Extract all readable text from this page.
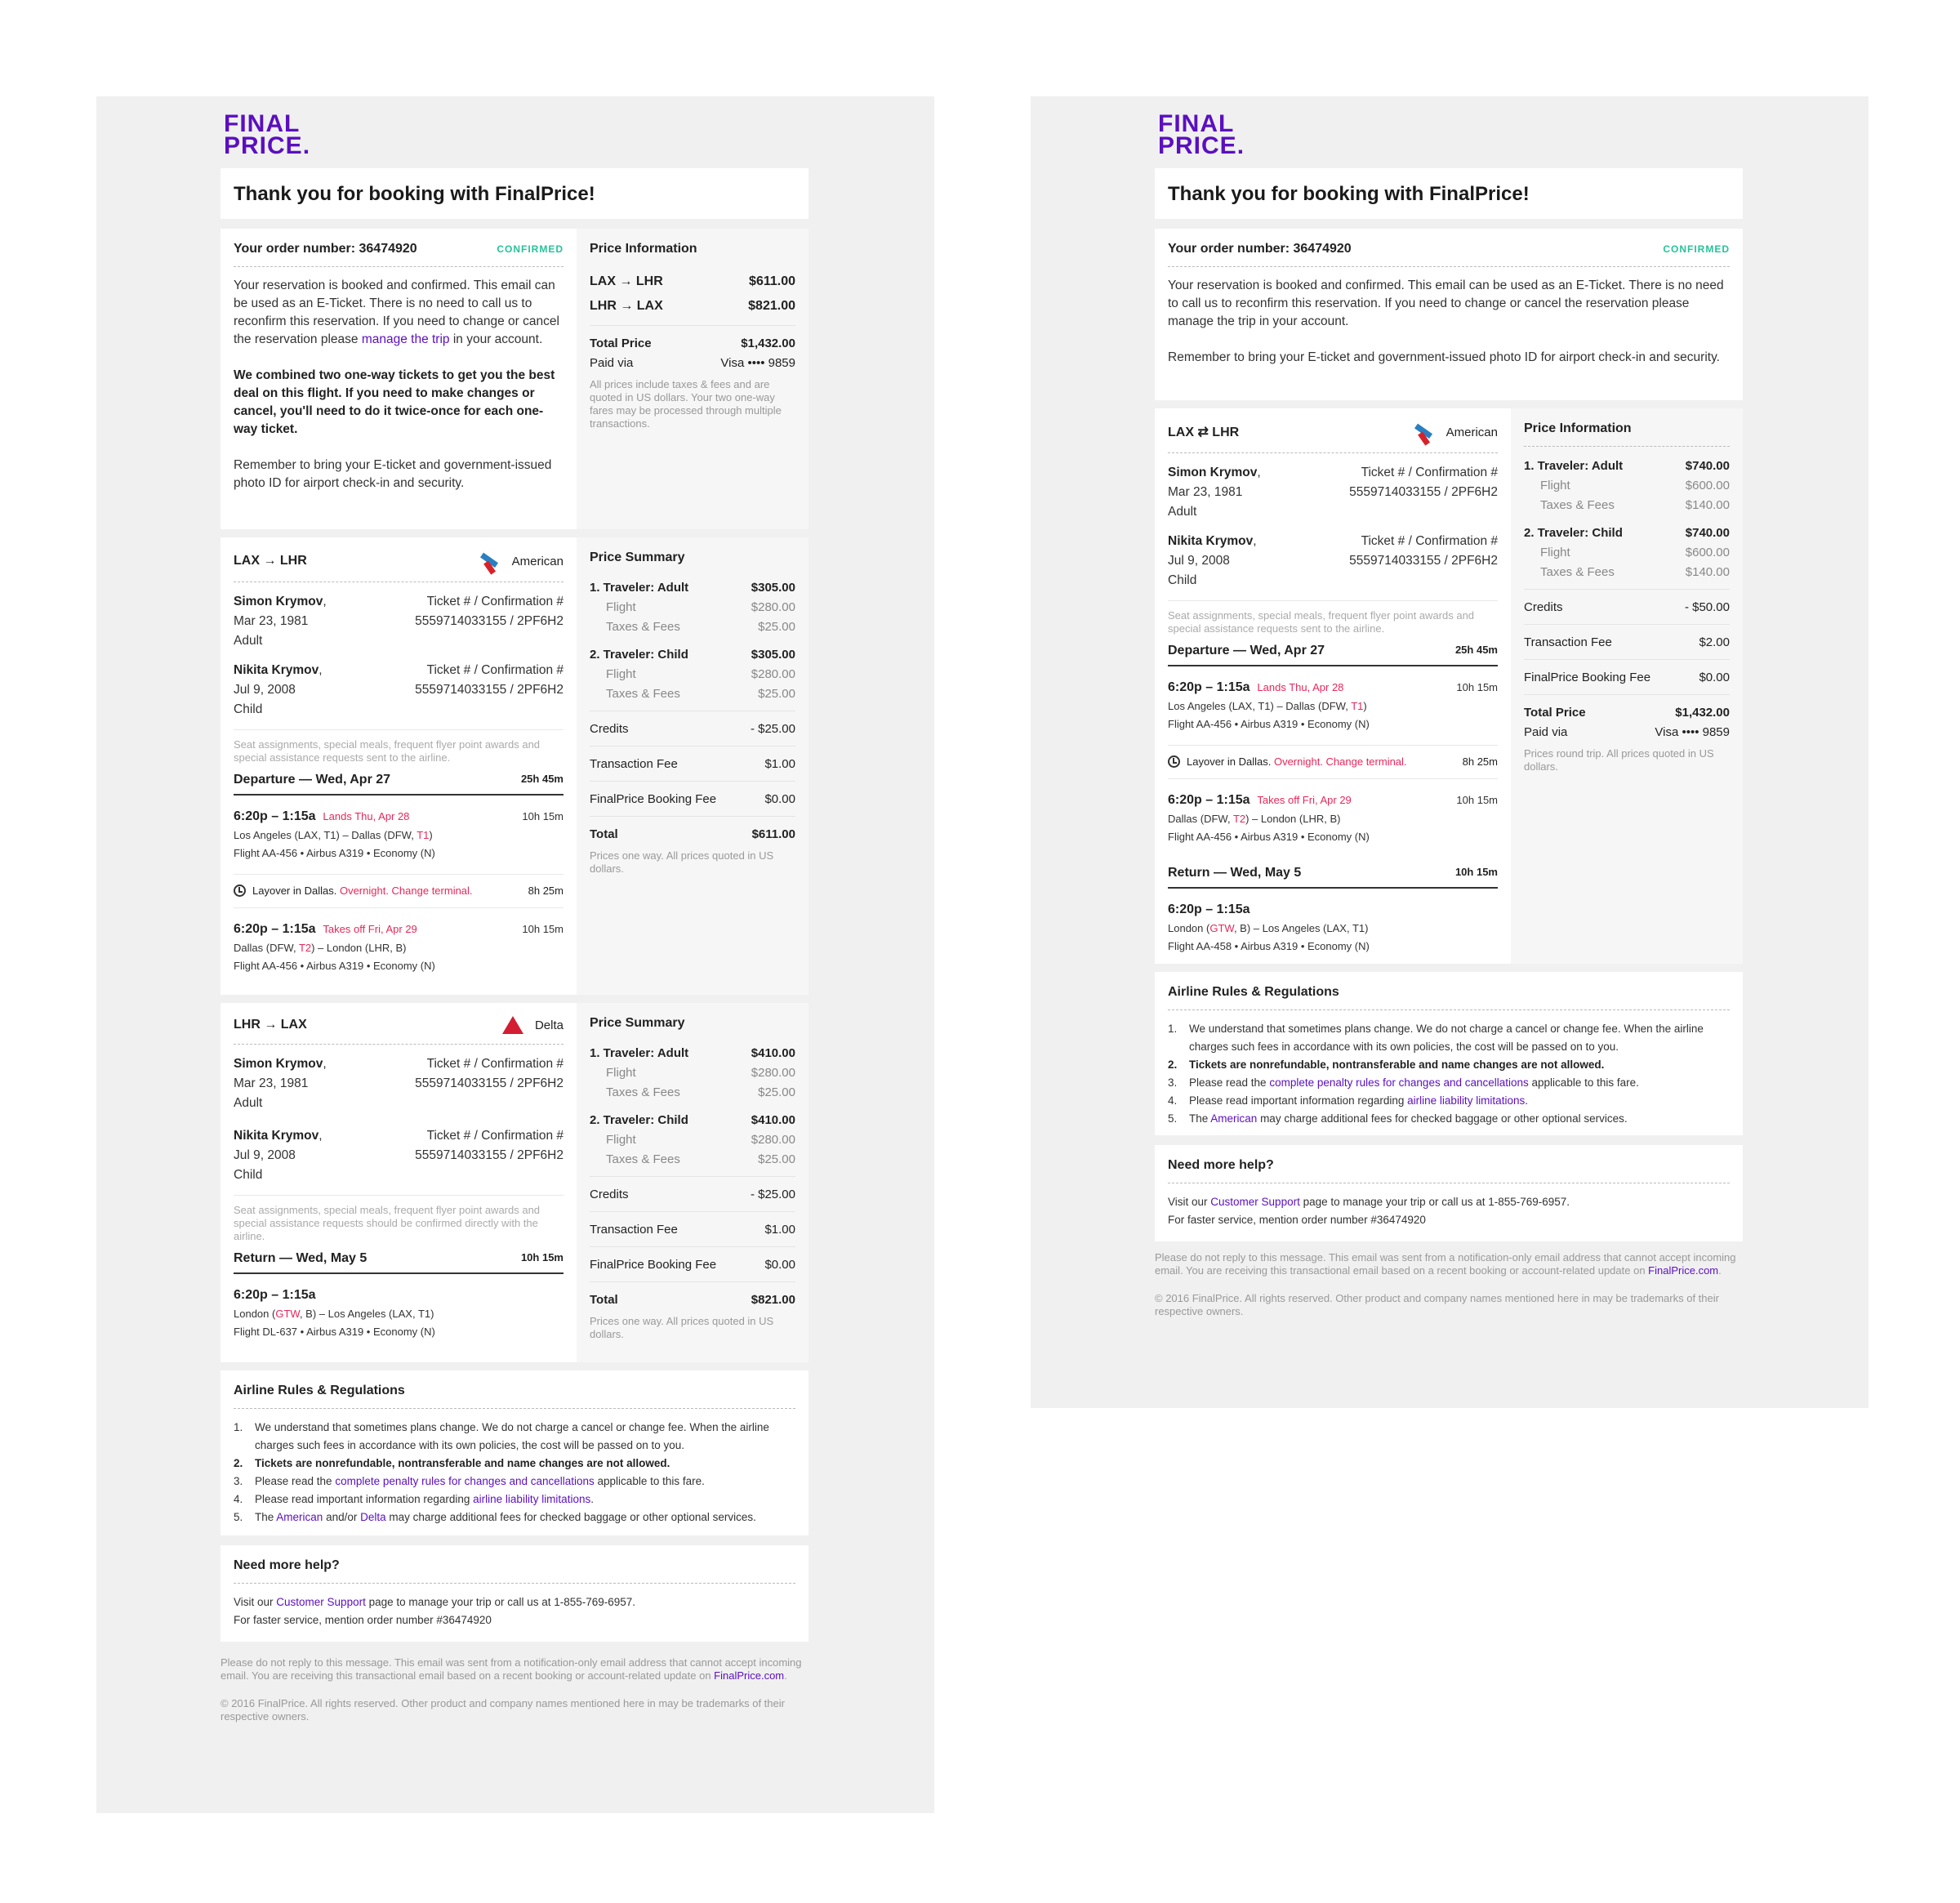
FINAL
PRICE.
Thank you for booking with FinalPrice!
Your order number: 36474920	CONFIRMED

Your reservation is booked and confirmed. This email can be used as an E-Ticket. There is no need to call us to reconfirm this reservation. If you need to change or cancel the reservation please manage the trip in your account.

We combined two one-way tickets to get you the best deal on this flight. If you need to make changes or cancel, you'll need to do it twice-once for each one-way ticket.

Remember to bring your E-ticket and government-issued photo ID for airport check-in and security.

Price Information
LAX → LHR	$611.00
LHR → LAX	$821.00
Total Price	$1,432.00
Paid via	Visa •••• 9859
All prices include taxes & fees and are quoted in US dollars. Your two one-way fares may be processed through multiple transactions.
LAX → LHR	American
Simon Krymov,
Mar 23, 1981
Adult
Ticket # / Confirmation #
5559714033155 / 2PF6H2
Nikita Krymov,
Jul 9, 2008
Child
Ticket # / Confirmation #
5559714033155 / 2PF6H2
Seat assignments, special meals, frequent flyer point awards and special assistance requests sent to the airline.
Departure — Wed, Apr 27	25h 45m
6:20p – 1:15a Lands Thu, Apr 28	10h 15m
Los Angeles (LAX, T1) – Dallas (DFW, T1)
Flight AA-456 • Airbus A319 • Economy (N)
Layover in Dallas. Overnight. Change terminal.	8h 25m
6:20p – 1:15a Takes off Fri, Apr 29	10h 15m
Dallas (DFW, T2) – London (LHR, B)
Flight AA-456 • Airbus A319 • Economy (N)
Price Summary
1. Traveler: Adult	$305.00
Flight	$280.00
Taxes & Fees	$25.00
2. Traveler: Child	$305.00
Flight	$280.00
Taxes & Fees	$25.00
Credits	- $25.00
Transaction Fee	$1.00
FinalPrice Booking Fee	$0.00
Total	$611.00
Prices one way. All prices quoted in US dollars.
LHR → LAX	Delta
Simon Krymov,
Mar 23, 1981
Adult
Ticket # / Confirmation #
5559714033155 / 2PF6H2
Nikita Krymov,
Jul 9, 2008
Child
Ticket # / Confirmation #
5559714033155 / 2PF6H2
Seat assignments, special meals, frequent flyer point awards and special assistance requests should be confirmed directly with the airline.
Return — Wed, May 5	10h 15m
6:20p – 1:15a
London (GTW, B) – Los Angeles (LAX, T1)
Flight DL-637 • Airbus A319 • Economy (N)
Price Summary
1. Traveler: Adult	$410.00
Flight	$280.00
Taxes & Fees	$25.00
2. Traveler: Child	$410.00
Flight	$280.00
Taxes & Fees	$25.00
Credits	- $25.00
Transaction Fee	$1.00
FinalPrice Booking Fee	$0.00
Total	$821.00
Prices one way. All prices quoted in US dollars.
Airline Rules & Regulations
1.	We understand that sometimes plans change. We do not charge a cancel or change fee. When the airline charges such fees in accordance with its own policies, the cost will be passed on to you.
2.	Tickets are nonrefundable, nontransferable and name changes are not allowed.
3.	Please read the complete penalty rules for changes and cancellations applicable to this fare.
4.	Please read important information regarding airline liability limitations.
5.	The American and/or Delta may charge additional fees for checked baggage or other optional services.
Need more help?
Visit our Customer Support page to manage your trip or call us at 1-855-769-6957.
For faster service, mention order number #36474920

Please do not reply to this message. This email was sent from a notification-only email address that cannot accept incoming email. You are receiving this transactional email based on a recent booking or account-related update on FinalPrice.com.

© 2016 FinalPrice. All rights reserved. Other product and company names mentioned here in may be trademarks of their respective owners.

FINAL
PRICE.
Thank you for booking with FinalPrice!
Your order number: 36474920	CONFIRMED

Your reservation is booked and confirmed. This email can be used as an E-Ticket. There is no need to call us to reconfirm this reservation. If you need to change or cancel the reservation please manage the trip in your account.

Remember to bring your E-ticket and government-issued photo ID for airport check-in and security.

LAX ⇄ LHR	American
Simon Krymov,
Mar 23, 1981
Adult
Ticket # / Confirmation #
5559714033155 / 2PF6H2
Nikita Krymov,
Jul 9, 2008
Child
Ticket # / Confirmation #
5559714033155 / 2PF6H2
Seat assignments, special meals, frequent flyer point awards and special assistance requests sent to the airline.
Departure — Wed, Apr 27	25h 45m
6:20p – 1:15a Lands Thu, Apr 28	10h 15m
Los Angeles (LAX, T1) – Dallas (DFW, T1)
Flight AA-456 • Airbus A319 • Economy (N)
Layover in Dallas. Overnight. Change terminal.	8h 25m
6:20p – 1:15a Takes off Fri, Apr 29	10h 15m
Dallas (DFW, T2) – London (LHR, B)
Flight AA-456 • Airbus A319 • Economy (N)
Return — Wed, May 5	10h 15m
6:20p – 1:15a
London (GTW, B) – Los Angeles (LAX, T1)
Flight AA-458 • Airbus A319 • Economy (N)
Price Information
1. Traveler: Adult	$740.00
Flight	$600.00
Taxes & Fees	$140.00
2. Traveler: Child	$740.00
Flight	$600.00
Taxes & Fees	$140.00
Credits	- $50.00
Transaction Fee	$2.00
FinalPrice Booking Fee	$0.00
Total Price	$1,432.00
Paid via	Visa •••• 9859
Prices round trip. All prices quoted in US dollars.
Airline Rules & Regulations
1.	We understand that sometimes plans change. We do not charge a cancel or change fee. When the airline charges such fees in accordance with its own policies, the cost will be passed on to you.
2.	Tickets are nonrefundable, nontransferable and name changes are not allowed.
3.	Please read the complete penalty rules for changes and cancellations applicable to this fare.
4.	Please read important information regarding airline liability limitations.
5.	The American may charge additional fees for checked baggage or other optional services.
Need more help?
Visit our Customer Support page to manage your trip or call us at 1-855-769-6957.
For faster service, mention order number #36474920

Please do not reply to this message. This email was sent from a notification-only email address that cannot accept incoming email. You are receiving this transactional email based on a recent booking or account-related update on FinalPrice.com.

© 2016 FinalPrice. All rights reserved. Other product and company names mentioned here in may be trademarks of their respective owners.
